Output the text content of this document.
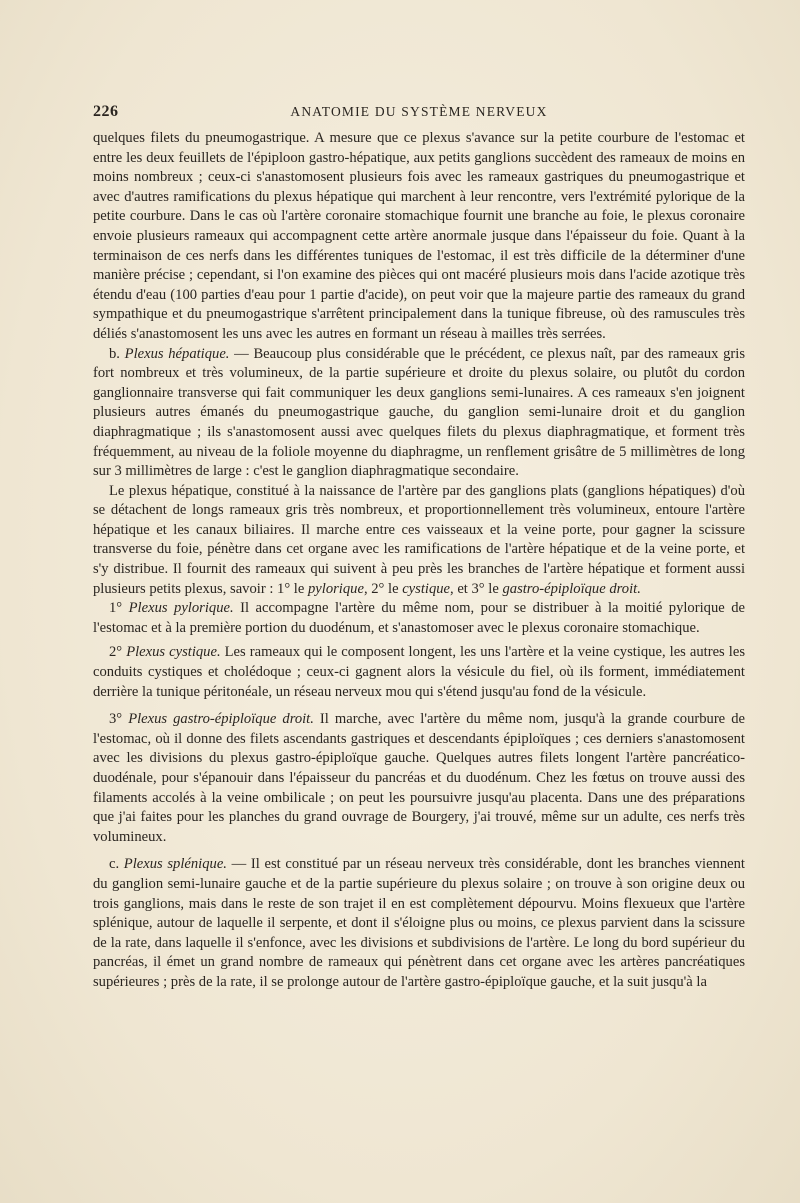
226	ANATOMIE DU SYSTÈME NERVEUX

quelques filets du pneumogastrique. A mesure que ce plexus s'avance sur la petite courbure de l'estomac et entre les deux feuillets de l'épiploon gastro-hépatique, aux petits ganglions succèdent des rameaux de moins en moins nombreux ; ceux-ci s'anastomosent plusieurs fois avec les rameaux gastriques du pneumogastrique et avec d'autres ramifications du plexus hépatique qui marchent à leur rencontre, vers l'extrémité pylorique de la petite courbure. Dans le cas où l'artère coronaire stomachique fournit une branche au foie, le plexus coronaire envoie plusieurs rameaux qui accompagnent cette artère anormale jusque dans l'épaisseur du foie. Quant à la terminaison de ces nerfs dans les différentes tuniques de l'estomac, il est très difficile de la déterminer d'une manière précise ; cependant, si l'on examine des pièces qui ont macéré plusieurs mois dans l'acide azotique très étendu d'eau (100 parties d'eau pour 1 partie d'acide), on peut voir que la majeure partie des rameaux du grand sympathique et du pneumogastrique s'arrêtent principalement dans la tunique fibreuse, où des ramuscules très déliés s'anastomosent les uns avec les autres en formant un réseau à mailles très serrées.

b. Plexus hépatique. — Beaucoup plus considérable que le précédent, ce plexus naît, par des rameaux gris fort nombreux et très volumineux, de la partie supérieure et droite du plexus solaire, ou plutôt du cordon ganglionnaire transverse qui fait communiquer les deux ganglions semi-lunaires. A ces rameaux s'en joignent plusieurs autres émanés du pneumogastrique gauche, du ganglion semi-lunaire droit et du ganglion diaphragmatique ; ils s'anastomosent aussi avec quelques filets du plexus diaphragmatique, et forment très fréquemment, au niveau de la foliole moyenne du diaphragme, un renflement grisâtre de 5 millimètres de long sur 3 millimètres de large : c'est le ganglion diaphragmatique secondaire.

Le plexus hépatique, constitué à la naissance de l'artère par des ganglions plats (ganglions hépatiques) d'où se détachent de longs rameaux gris très nombreux, et proportionnellement très volumineux, entoure l'artère hépatique et les canaux biliaires. Il marche entre ces vaisseaux et la veine porte, pour gagner la scissure transverse du foie, pénètre dans cet organe avec les ramifications de l'artère hépatique et de la veine porte, et s'y distribue. Il fournit des rameaux qui suivent à peu près les branches de l'artère hépatique et forment aussi plusieurs petits plexus, savoir : 1° le pylorique, 2° le cystique, et 3° le gastro-épiploïque droit.

1° Plexus pylorique. Il accompagne l'artère du même nom, pour se distribuer à la moitié pylorique de l'estomac et à la première portion du duodénum, et s'anastomoser avec le plexus coronaire stomachique.

2° Plexus cystique. Les rameaux qui le composent longent, les uns l'artère et la veine cystique, les autres les conduits cystiques et cholédoque ; ceux-ci gagnent alors la vésicule du fiel, où ils forment, immédiatement derrière la tunique péritonéale, un réseau nerveux mou qui s'étend jusqu'au fond de la vésicule.

3° Plexus gastro-épiploïque droit. Il marche, avec l'artère du même nom, jusqu'à la grande courbure de l'estomac, où il donne des filets ascendants gastriques et descendants épiploïques ; ces derniers s'anastomosent avec les divisions du plexus gastro-épiploïque gauche. Quelques autres filets longent l'artère pancréatico-duodénale, pour s'épanouir dans l'épaisseur du pancréas et du duodénum. Chez les fœtus on trouve aussi des filaments accolés à la veine ombilicale ; on peut les poursuivre jusqu'au placenta. Dans une des préparations que j'ai faites pour les planches du grand ouvrage de Bourgery, j'ai trouvé, même sur un adulte, ces nerfs très volumineux.

c. Plexus splénique. — Il est constitué par un réseau nerveux très considérable, dont les branches viennent du ganglion semi-lunaire gauche et de la partie supérieure du plexus solaire ; on trouve à son origine deux ou trois ganglions, mais dans le reste de son trajet il en est complètement dépourvu. Moins flexueux que l'artère splénique, autour de laquelle il serpente, et dont il s'éloigne plus ou moins, ce plexus parvient dans la scissure de la rate, dans laquelle il s'enfonce, avec les divisions et subdivisions de l'artère. Le long du bord supérieur du pancréas, il émet un grand nombre de rameaux qui pénètrent dans cet organe avec les artères pancréatiques supérieures ; près de la rate, il se prolonge autour de l'artère gastro-épiploïque gauche, et la suit jusqu'à la
